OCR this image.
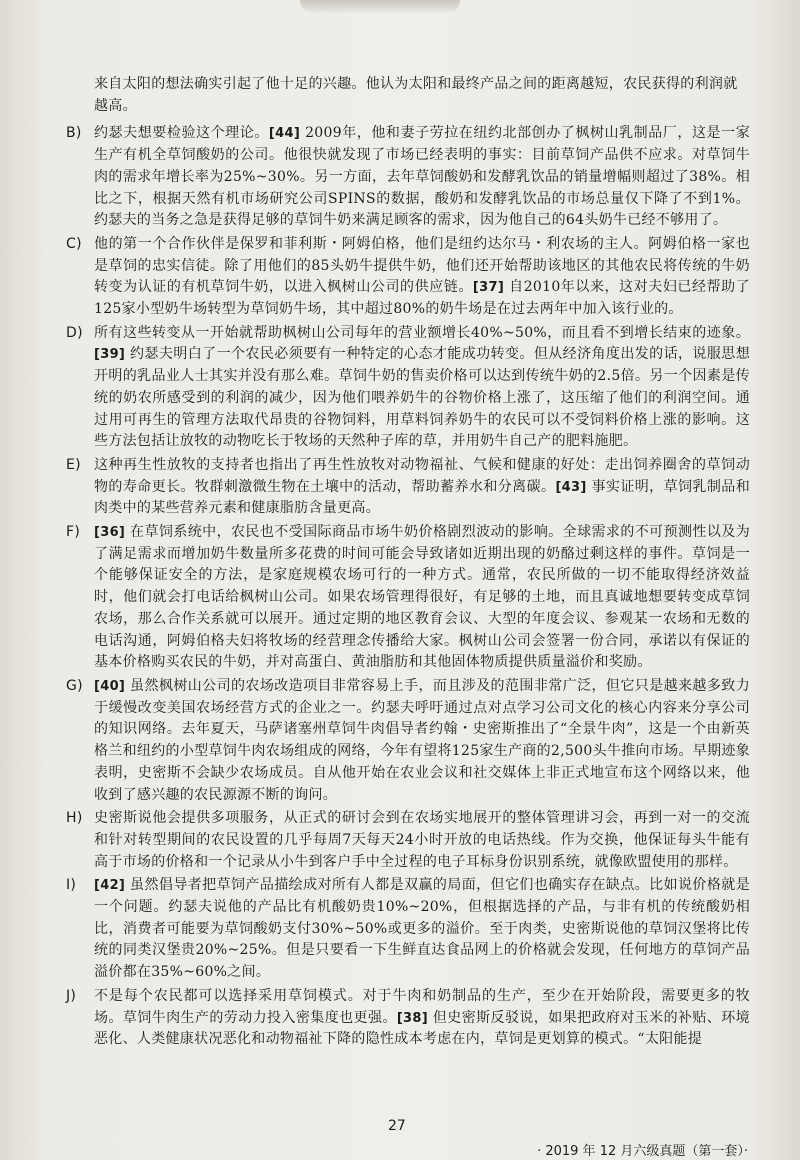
来自太阳的想法确实引起了他十足的兴趣。他认为太阳和最终产品之间的距离越短，农民获得的利润就越高。

B) 约瑟夫想要检验这个理论。[44] 2009年，他和妻子劳拉在纽约北部创办了枫树山乳制品厂，这是一家生产有机全草饲酸奶的公司。他很快就发现了市场已经表明的事实：目前草饲产品供不应求。对草饲牛肉的需求年增长率为25%~30%。另一方面，去年草饲酸奶和发酵乳饮品的销量增幅则超过了38%。相比之下，根据天然有机市场研究公司SPINS的数据，酸奶和发酵乳饮品的市场总量仅下降了不到1%。约瑟夫的当务之急是获得足够的草饲牛奶来满足顾客的需求，因为他自己的64头奶牛已经不够用了。

C) 他的第一个合作伙伴是保罗和菲利斯・阿姆伯格，他们是纽约达尔马・利农场的主人。阿姆伯格一家也是草饲的忠实信徒。除了用他们的85头奶牛提供牛奶，他们还开始帮助该地区的其他农民将传统的牛奶转变为认证的有机草饲牛奶，以进入枫树山公司的供应链。[37] 自2010年以来，这对夫妇已经帮助了125家小型奶牛场转型为草饲奶牛场，其中超过80%的奶牛场是在过去两年中加入该行业的。

D) 所有这些转变从一开始就帮助枫树山公司每年的营业额增长40%~50%，而且看不到增长结束的迹象。[39] 约瑟夫明白了一个农民必须要有一种特定的心态才能成功转变。但从经济角度出发的话，说服思想开明的乳品业人士其实并没有那么难。草饲牛奶的售卖价格可以达到传统牛奶的2.5倍。另一个因素是传统的奶农所感受到的利润的减少，因为他们喂养奶牛的谷物价格上涨了，这压缩了他们的利润空间。通过用可再生的管理方法取代昂贵的谷物饲料，用草料饲养奶牛的农民可以不受饲料价格上涨的影响。这些方法包括让放牧的动物吃长于牧场的天然种子库的草，并用奶牛自己产的肥料施肥。

E) 这种再生性放牧的支持者也指出了再生性放牧对动物福祉、气候和健康的好处：走出饲养圈舍的草饲动物的寿命更长。牧群刺激微生物在土壤中的活动，帮助蓄养水和分离碳。[43] 事实证明，草饲乳制品和肉类中的某些营养元素和健康脂肪含量更高。

F) [36] 在草饲系统中，农民也不受国际商品市场牛奶价格剧烈波动的影响。全球需求的不可预测性以及为了满足需求而增加奶牛数量所多花费的时间可能会导致诸如近期出现的奶酪过剩这样的事件。草饲是一个能够保证安全的方法，是家庭规模农场可行的一种方式。通常，农民所做的一切不能取得经济效益时，他们就会打电话给枫树山公司。如果农场管理得很好，有足够的土地，而且真诚地想要转变成草饲农场，那么合作关系就可以展开。通过定期的地区教育会议、大型的年度会议、参观某一农场和无数的电话沟通，阿姆伯格夫妇将牧场的经营理念传播给大家。枫树山公司会签署一份合同，承诺以有保证的基本价格购买农民的牛奶，并对高蛋白、黄油脂肪和其他固体物质提供质量溢价和奖励。

G) [40] 虽然枫树山公司的农场改造项目非常容易上手，而且涉及的范围非常广泛，但它只是越来越多致力于缓慢改变美国农场经营方式的企业之一。约瑟夫呼吁通过点对点学习公司文化的核心内容来分享公司的知识网络。去年夏天，马萨诸塞州草饲牛肉倡导者约翰・史密斯推出了“全景牛肉”，这是一个由新英格兰和纽约的小型草饲牛肉农场组成的网络，今年有望将125家生产商的2,500头牛推向市场。早期迹象表明，史密斯不会缺少农场成员。自从他开始在农业会议和社交媒体上非正式地宣布这个网络以来，他收到了感兴趣的农民源源不断的询问。

H) 史密斯说他会提供多项服务，从正式的研讨会到在农场实地展开的整体管理讲习会，再到一对一的交流和针对转型期间的农民设置的几乎每周7天每天24小时开放的电话热线。作为交换，他保证每头牛能有高于市场的价格和一个记录从小牛到客户手中全过程的电子耳标身份识别系统，就像欧盟使用的那样。

I) [42] 虽然倡导者把草饲产品描绘成对所有人都是双赢的局面，但它们也确实存在缺点。比如说价格就是一个问题。约瑟夫说他的产品比有机酸奶贵10%~20%，但根据选择的产品，与非有机的传统酸奶相比，消费者可能要为草饲酸奶支付30%~50%或更多的溢价。至于肉类，史密斯说他的草饲汉堡将比传统的同类汉堡贵20%~25%。但是只要看一下生鲜直达食品网上的价格就会发现，任何地方的草饲产品溢价都在35%~60%之间。

J) 不是每个农民都可以选择采用草饲模式。对于牛肉和奶制品的生产，至少在开始阶段，需要更多的牧场。草饲牛肉生产的劳动力投入密集度也更强。[38] 但史密斯反驳说，如果把政府对玉米的补贴、环境恶化、人类健康状况恶化和动物福祉下降的隐性成本考虑在内，草饲是更划算的模式。“太阳能提

27
· 2019 年 12 月六级真题（第一套）·
